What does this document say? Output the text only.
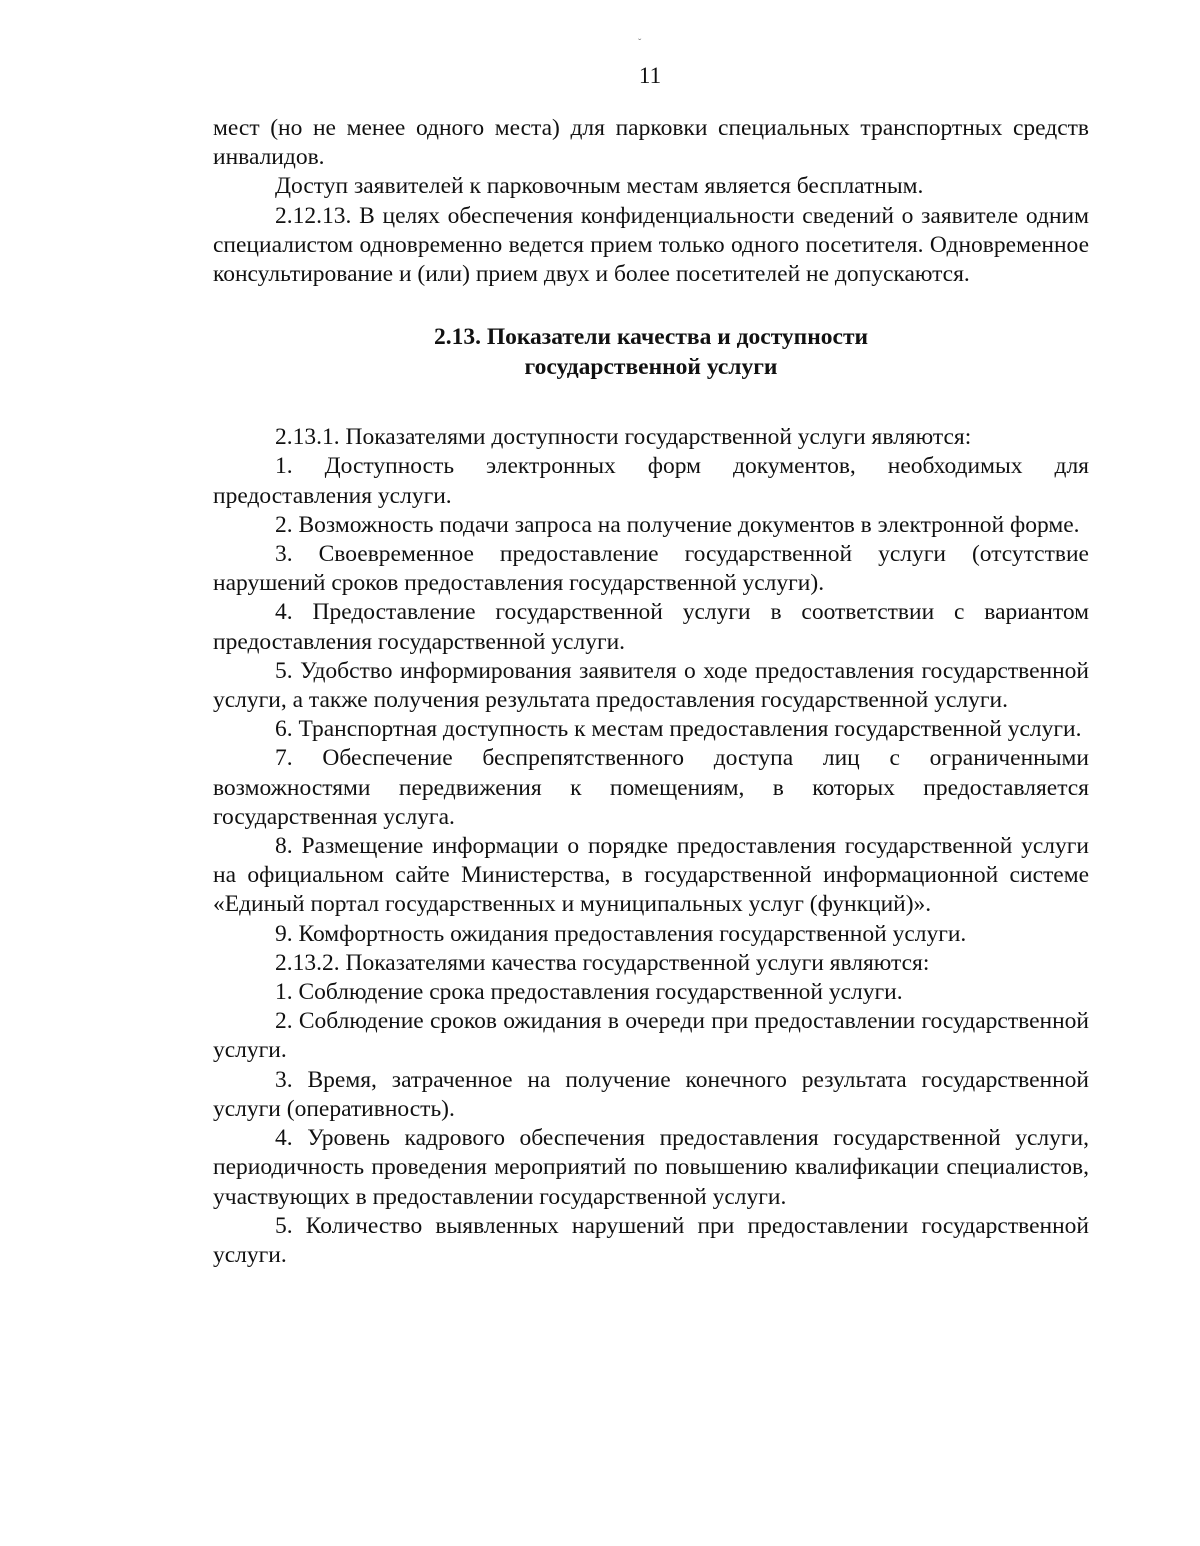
ˇ
11

мест (но не менее одного места) для парковки специальных транспортных средств инвалидов.

Доступ заявителей к парковочным местам является бесплатным.

2.12.13. В целях обеспечения конфиденциальности сведений о заявителе одним специалистом одновременно ведется прием только одного посетителя. Одновременное консультирование и (или) прием двух и более посетителей не допускаются.

2.13. Показатели качества и доступности
государственной услуги

2.13.1. Показателями доступности государственной услуги являются:

1. Доступность электронных форм документов, необходимых для предоставления услуги.

2. Возможность подачи запроса на получение документов в электронной форме.

3. Своевременное предоставление государственной услуги (отсутствие нарушений сроков предоставления государственной услуги).

4. Предоставление государственной услуги в соответствии с вариантом предоставления государственной услуги.

5. Удобство информирования заявителя о ходе предоставления государственной услуги, а также получения результата предоставления государственной услуги.

6. Транспортная доступность к местам предоставления государственной услуги.

7. Обеспечение беспрепятственного доступа лиц с ограниченными возможностями передвижения к помещениям, в которых предоставляется государственная услуга.

8. Размещение информации о порядке предоставления государственной услуги на официальном сайте Министерства, в государственной информационной системе «Единый портал государственных и муниципальных услуг (функций)».

9. Комфортность ожидания предоставления государственной услуги.

2.13.2. Показателями качества государственной услуги являются:

1. Соблюдение срока предоставления государственной услуги.

2. Соблюдение сроков ожидания в очереди при предоставлении государственной услуги.

3. Время, затраченное на получение конечного результата государственной услуги (оперативность).

4. Уровень кадрового обеспечения предоставления государственной услуги, периодичность проведения мероприятий по повышению квалификации специалистов, участвующих в предоставлении государственной услуги.

5. Количество выявленных нарушений при предоставлении государственной услуги.
